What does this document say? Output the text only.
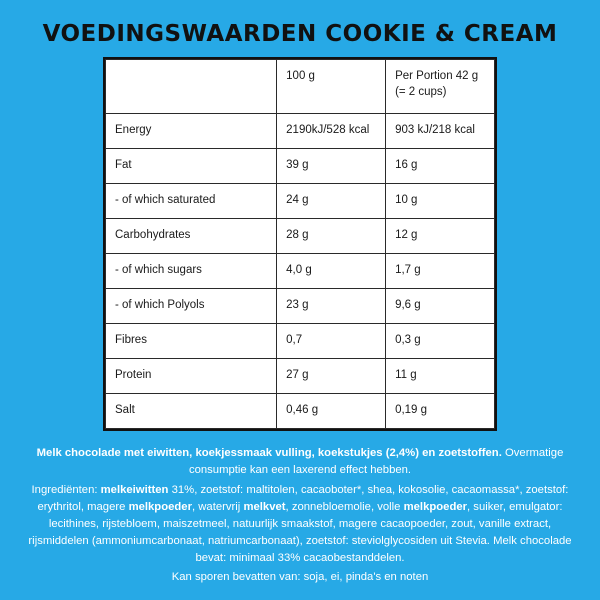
VOEDINGSWAARDEN COOKIE & CREAM
	100 g	Per Portion 42 g
(= 2 cups)

Energy	2190kJ/528 kcal	903 kJ/218 kcal
Fat	39 g	16 g
- of which saturated	24 g	10 g
Carbohydrates	28 g	12 g
- of which sugars	4,0 g	1,7 g
- of which Polyols	23 g	9,6 g
Fibres	0,7	0,3 g
Protein	27 g	11 g
Salt	0,46 g	0,19 g

Melk chocolade met eiwitten, koekjessmaak vulling, koekstukjes (2,4%) en zoetstoffen. Overmatige consumptie kan een laxerend effect hebben.

Ingrediënten: melkeiwitten 31%, zoetstof: maltitolen, cacaoboter*, shea, kokosolie, cacaomassa*, zoetstof: erythritol, magere melkpoeder, watervrij melkvet, zonnebloemolie, volle melkpoeder, suiker, emulgator: lecithines, rijstebloem, maiszetmeel, natuurlijk smaakstof, magere cacaopoeder, zout, vanille extract, rijsmiddelen (ammoniumcarbonaat, natriumcarbonaat), zoetstof: steviolglycosiden uit Stevia. Melk chocolade bevat: minimaal 33% cacaobestanddelen.

Kan sporen bevatten van: soja, ei, pinda's en noten
